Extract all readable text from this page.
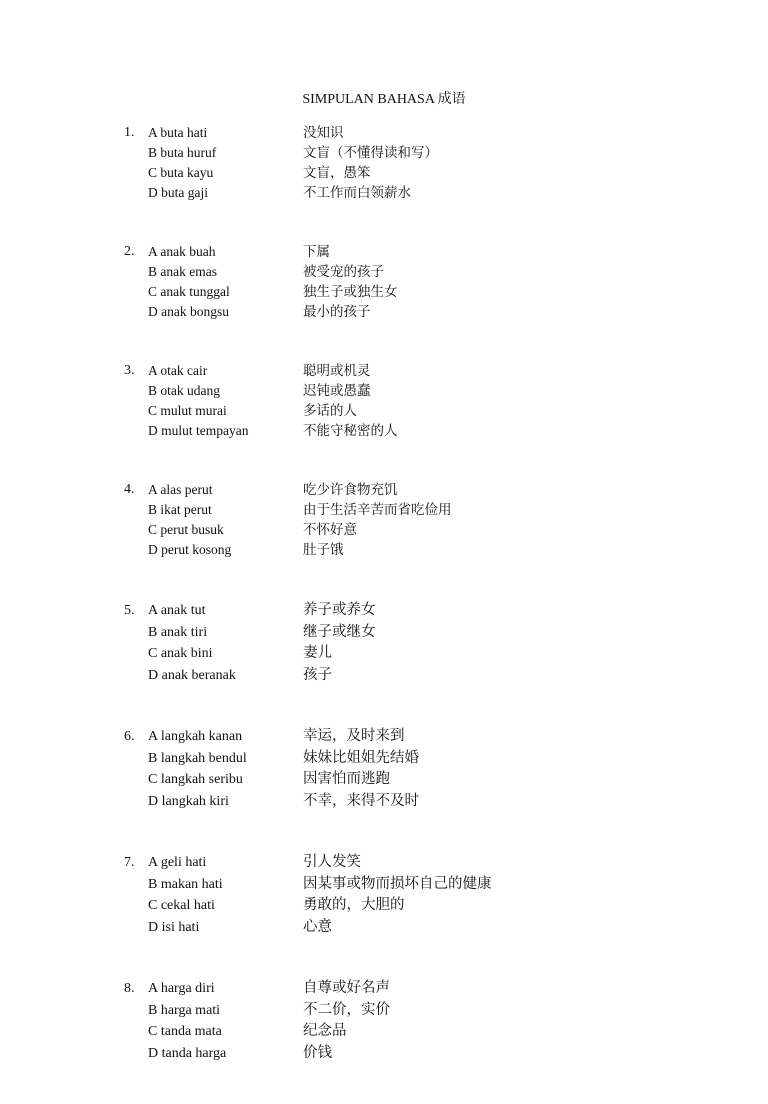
SIMPULAN BAHASA 成语
1. A buta hati	没知识
B buta huruf	文盲（不懂得读和写）
C buta kayu	文盲，愚笨
D buta gaji	不工作而白领薪水
2. A anak buah	下属
B anak emas	被受宠的孩子
C anak tunggal	独生子或独生女
D anak bongsu	最小的孩子
3. A otak cair	聪明或机灵
B otak udang	迟钝或愚蠢
C mulut murai	多话的人
D mulut tempayan	不能守秘密的人
4. A alas perut	吃少许食物充饥
B ikat perut	由于生活辛苦而省吃俭用
C perut busuk	不怀好意
D perut kosong	肚子饿
5. A anak tut	养子或养女
B anak tiri	继子或继女
C anak bini	妻儿
D anak beranak	孩子
6. A langkah kanan	幸运，及时来到
B langkah bendul	妹妹比姐姐先结婚
C langkah seribu	因害怕而逃跑
D langkah kiri	不幸，来得不及时
7. A geli hati	引人发笑
B makan hati	因某事或物而损坏自己的健康
C cekal hati	勇敢的，大胆的
D isi hati	心意
8. A harga diri	自尊或好名声
B harga mati	不二价，实价
C tanda mata	纪念品
D tanda harga	价钱
